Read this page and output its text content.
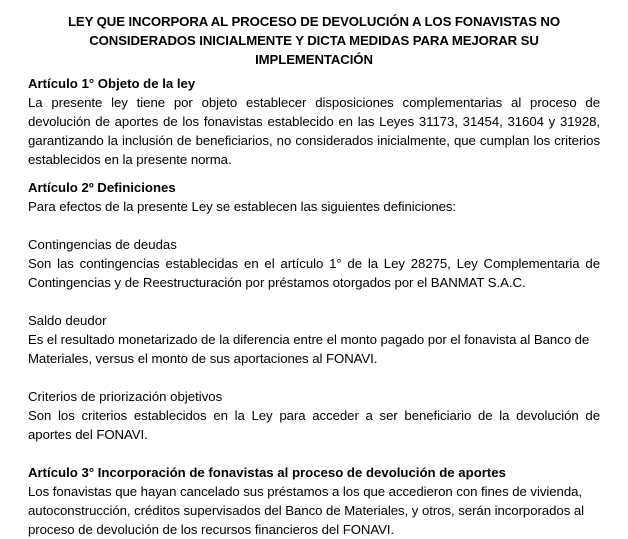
LEY QUE INCORPORA AL PROCESO DE DEVOLUCIÓN A LOS FONAVISTAS NO CONSIDERADOS INICIALMENTE Y DICTA MEDIDAS PARA MEJORAR SU IMPLEMENTACIÓN
Artículo 1° Objeto de la ley

La presente ley tiene por objeto establecer disposiciones complementarias al proceso de devolución de aportes de los fonavistas establecido en las Leyes 31173, 31454, 31604 y 31928, garantizando la inclusión de beneficiarios, no considerados inicialmente, que cumplan los criterios establecidos en la presente norma.

Artículo 2º Definiciones

Para efectos de la presente Ley se establecen las siguientes definiciones:

Contingencias de deudas

Son las contingencias establecidas en el artículo 1° de la Ley 28275, Ley Complementaria de Contingencias y de Reestructuración por préstamos otorgados por el BANMAT S.A.C.

Saldo deudor

Es el resultado monetarizado de la diferencia entre el monto pagado por el fonavista al Banco de Materiales, versus el monto de sus aportaciones al FONAVI.

Criterios de priorización objetivos

Son los criterios establecidos en la Ley para acceder a ser beneficiario de la devolución de aportes del FONAVI.

Artículo 3° Incorporación de fonavistas al proceso de devolución de aportes

Los fonavistas que hayan cancelado sus préstamos a los que accedieron con fines de vivienda, autoconstrucción, créditos supervisados del Banco de Materiales, y otros, serán incorporados al proceso de devolución de los recursos financieros del FONAVI.
